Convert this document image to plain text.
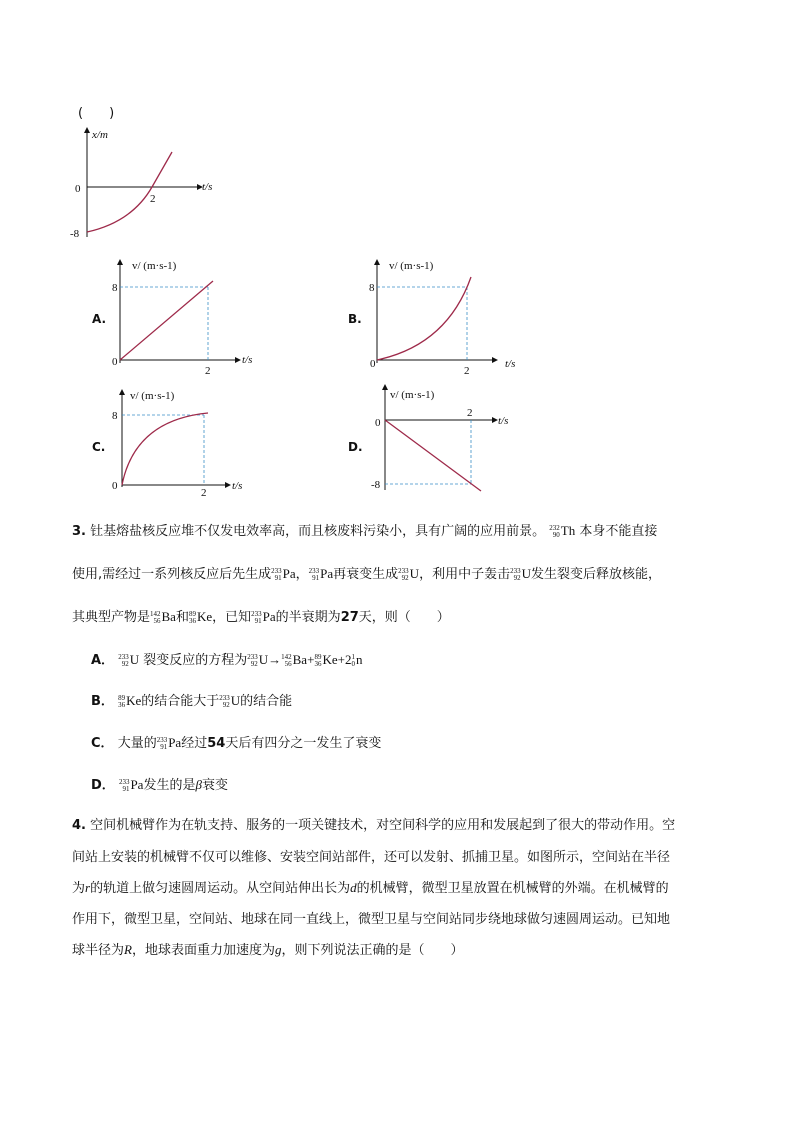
(　　)
x/m
t/s
0
-8
2
A.
v/ (m·s-1)
t/s
8
0
2
B.
v/ (m·s-1)
t/s
8
0
2
C.
v/ (m·s-1)
t/s
8
0
2
D.
v/ (m·s-1)
t/s
0
-8
2
3. 钍基熔盐核反应堆不仅发电效率高，而且核废料污染小，具有广阔的应用前景。 232
90 Th 本身不能直接
使用,需经过一系列核反应后先生成 233
91 Pa， 233
91 Pa再衰变生成 233
92 U，利用中子轰击 233
92 U发生裂变后释放核能，
其典型产物是 142
56 Ba和 89
36 Ke，已知 233
91 Pa的半衰期为27天，则（　　）
A． 233
92 U 裂变反应的方程为 233
92 U→ 142
56 Ba+ 89
36 Ke+2 1
0 n
B． 89
36 Ke的结合能大于 233
92 U的结合能
C． 大量的 233
91 Pa经过54天后有四分之一发生了衰变
D． 233
91 Pa发生的是β衰变
4. 空间机械臂作为在轨支持、服务的一项关键技术，对空间科学的应用和发展起到了很大的带动作用。空
间站上安装的机械臂不仅可以维修、安装空间站部件，还可以发射、抓捕卫星。如图所示，空间站在半径
为r的轨道上做匀速圆周运动。从空间站伸出长为d的机械臂，微型卫星放置在机械臂的外端。在机械臂的
作用下，微型卫星，空间站、地球在同一直线上，微型卫星与空间站同步绕地球做匀速圆周运动。已知地
球半径为R，地球表面重力加速度为g，则下列说法正确的是（　　）
